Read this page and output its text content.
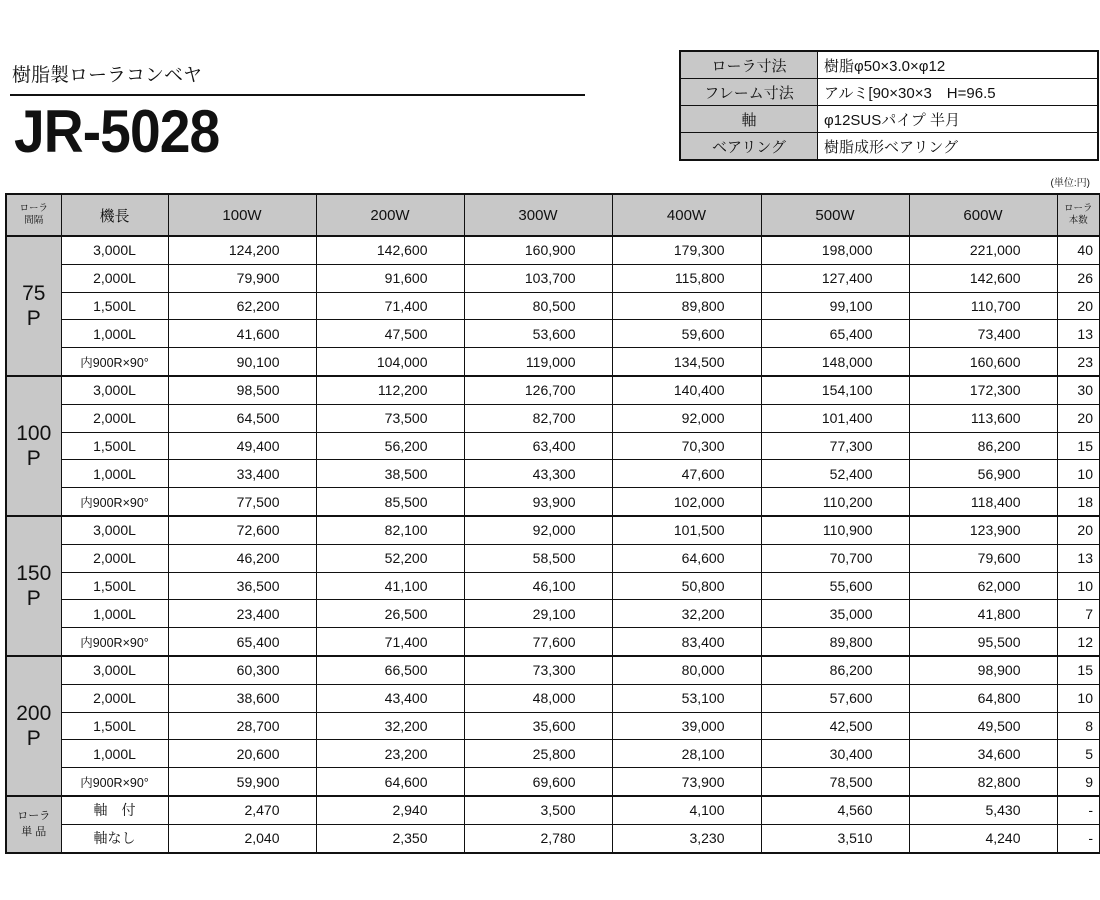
樹脂製ローラコンベヤ
JR-5028
ローラ寸法	樹脂φ50×3.0×φ12
フレーム寸法	アルミ[90×30×3　H=96.5
軸	φ12SUSパイプ 半月
ベアリング	樹脂成形ベアリング
(単位:円)
ローラ
間隔	機長	100W	200W	300W	400W	500W	600W	ローラ
本数
75
P	3,000L	124,200	142,600	160,900	179,300	198,000	221,000	40
	2,000L	79,900	91,600	103,700	115,800	127,400	142,600	26
	1,500L	62,200	71,400	80,500	89,800	99,100	110,700	20
	1,000L	41,600	47,500	53,600	59,600	65,400	73,400	13
	内900R×90°	90,100	104,000	119,000	134,500	148,000	160,600	23
100
P	3,000L	98,500	112,200	126,700	140,400	154,100	172,300	30
	2,000L	64,500	73,500	82,700	92,000	101,400	113,600	20
	1,500L	49,400	56,200	63,400	70,300	77,300	86,200	15
	1,000L	33,400	38,500	43,300	47,600	52,400	56,900	10
	内900R×90°	77,500	85,500	93,900	102,000	110,200	118,400	18
150
P	3,000L	72,600	82,100	92,000	101,500	110,900	123,900	20
	2,000L	46,200	52,200	58,500	64,600	70,700	79,600	13
	1,500L	36,500	41,100	46,100	50,800	55,600	62,000	10
	1,000L	23,400	26,500	29,100	32,200	35,000	41,800	7
	内900R×90°	65,400	71,400	77,600	83,400	89,800	95,500	12
200
P	3,000L	60,300	66,500	73,300	80,000	86,200	98,900	15
	2,000L	38,600	43,400	48,000	53,100	57,600	64,800	10
	1,500L	28,700	32,200	35,600	39,000	42,500	49,500	8
	1,000L	20,600	23,200	25,800	28,100	30,400	34,600	5
	内900R×90°	59,900	64,600	69,600	73,900	78,500	82,800	9
ローラ
単 品	軸　付	2,470	2,940	3,500	4,100	4,560	5,430	-
	軸なし	2,040	2,350	2,780	3,230	3,510	4,240	-
